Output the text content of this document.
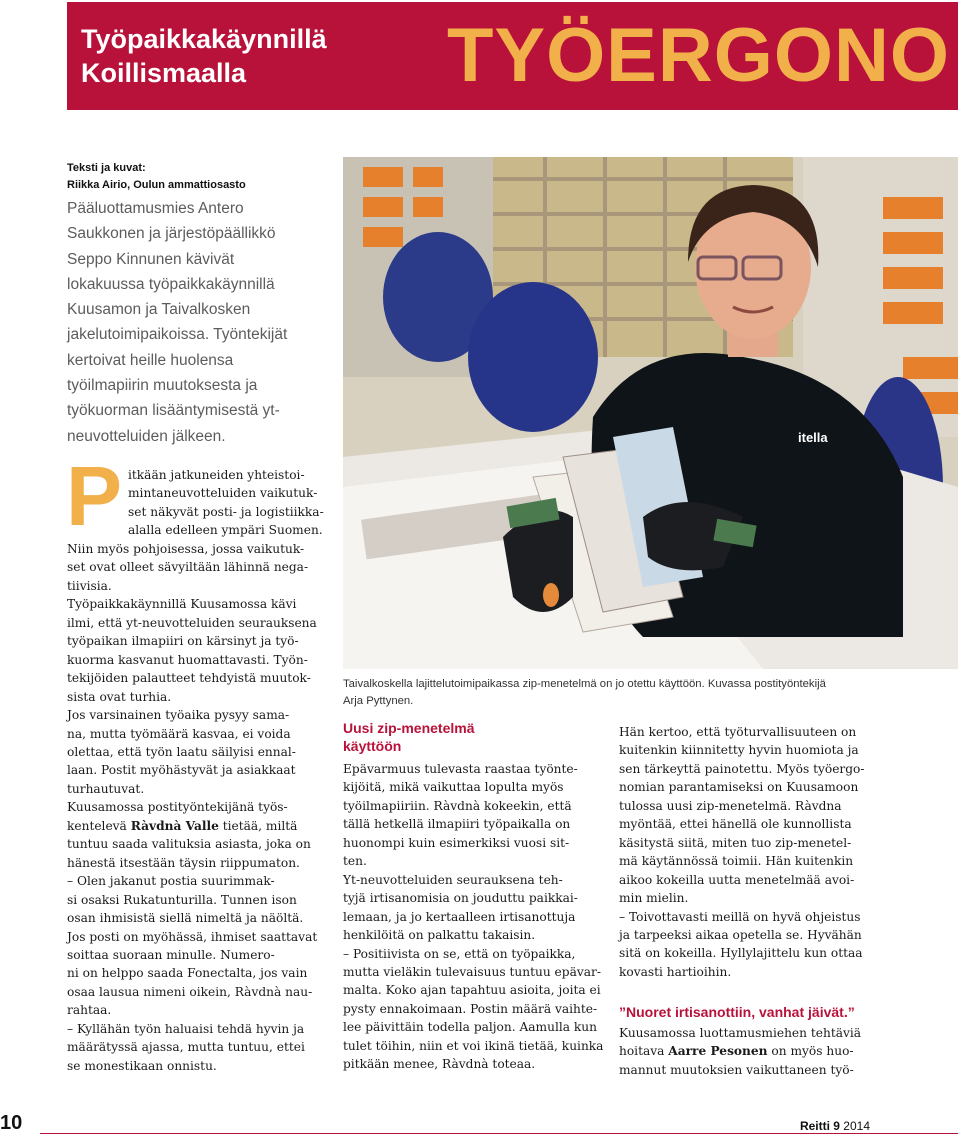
Työpaikkakäynnillä
Koillismaalla	TYÖERGONO
Teksti ja kuvat:
Riikka Airio, Oulun ammattiosasto
Pääluottamusmies Antero
Saukkonen ja järjestöpäällikkö
Seppo Kinnunen kävivät
lokakuussa työpaikkakäynnillä
Kuusamon ja Taivalkosken
jakelutoimipaikoissa. Työntekijät
kertoivat heille huolensa
työilmapiirin muutoksesta ja
työkuorman lisääntymisestä yt-
neuvotteluiden jälkeen.
P itkään jatkuneiden yhteistoi-
mintaneuvotteluiden vaikutuk-
set näkyvät posti- ja logistiikka-
alalla edelleen ympäri Suomen.
Niin myös pohjoisessa, jossa vaikutuk-
set ovat olleet sävyiltään lähinnä nega-
tiivisia.
Työpaikkakäynnillä Kuusamossa kävi
ilmi, että yt-neuvotteluiden seurauksena
työpaikan ilmapiiri on kärsinyt ja työ-
kuorma kasvanut huomattavasti. Työn-
tekijöiden palautteet tehdyistä muutok-
sista ovat turhia.
Jos varsinainen työaika pysyy sama-
na, mutta työmäärä kasvaa, ei voida
olettaa, että työn laatu säilyisi ennal-
laan. Postit myöhästyvät ja asiakkaat
turhautuvat.
Kuusamossa postityöntekijänä työs-
kentelevä Ràvdnà Valle tietää, miltä
tuntuu saada valituksia asiasta, joka on
hänestä itsestään täysin riippumaton.
– Olen jakanut postia suurimmak-
si osaksi Rukatunturilla. Tunnen ison
osan ihmisistä siellä nimeltä ja näöltä.
Jos posti on myöhässä, ihmiset saattavat
soittaa suoraan minulle. Numero-
ni on helppo saada Fonectalta, jos vain
osaa lausua nimeni oikein, Ràvdnà nau-
rahtaa.
– Kyllähän työn haluaisi tehdä hyvin ja
määrätyssä ajassa, mutta tuntuu, ettei
se monestikaan onnistu.
itella
Taivalkoskella lajittelutoimipaikassa zip-menetelmä on jo otettu käyttöön. Kuvassa postityöntekijä
Arja Pyttynen.
Uusi zip-menetelmä
käyttöön
Epävarmuus tulevasta raastaa työnte-
kijöitä, mikä vaikuttaa lopulta myös
työilmapiiriin. Ràvdnà kokeekin, että
tällä hetkellä ilmapiiri työpaikalla on
huonompi kuin esimerkiksi vuosi sit-
ten.
Yt-neuvotteluiden seurauksena teh-
tyjä irtisanomisia on jouduttu paikkai-
lemaan, ja jo kertaalleen irtisanottuja
henkilöitä on palkattu takaisin.
– Positiivista on se, että on työpaikka,
mutta vieläkin tulevaisuus tuntuu epävar-
malta. Koko ajan tapahtuu asioita, joita ei
pysty ennakoimaan. Postin määrä vaihte-
lee päivittäin todella paljon. Aamulla kun
tulet töihin, niin et voi ikinä tietää, kuinka
pitkään menee, Ràvdnà toteaa.
Hän kertoo, että työturvallisuuteen on
kuitenkin kiinnitetty hyvin huomiota ja
sen tärkeyttä painotettu. Myös työergo-
nomian parantamiseksi on Kuusamoon
tulossa uusi zip-menetelmä. Ràvdna
myöntää, ettei hänellä ole kunnollista
käsitystä siitä, miten tuo zip-menetel-
mä käytännössä toimii. Hän kuitenkin
aikoo kokeilla uutta menetelmää avoi-
min mielin.
– Toivottavasti meillä on hyvä ohjeistus
ja tarpeeksi aikaa opetella se. Hyvähän
sitä on kokeilla. Hyllylajittelu kun ottaa
kovasti hartioihin.
”Nuoret irtisanottiin, vanhat jäivät.”
Kuusamossa luottamusmiehen tehtäviä
hoitava Aarre Pesonen on myös huo-
mannut muutoksien vaikuttaneen työ-
10	Reitti 9 2014
